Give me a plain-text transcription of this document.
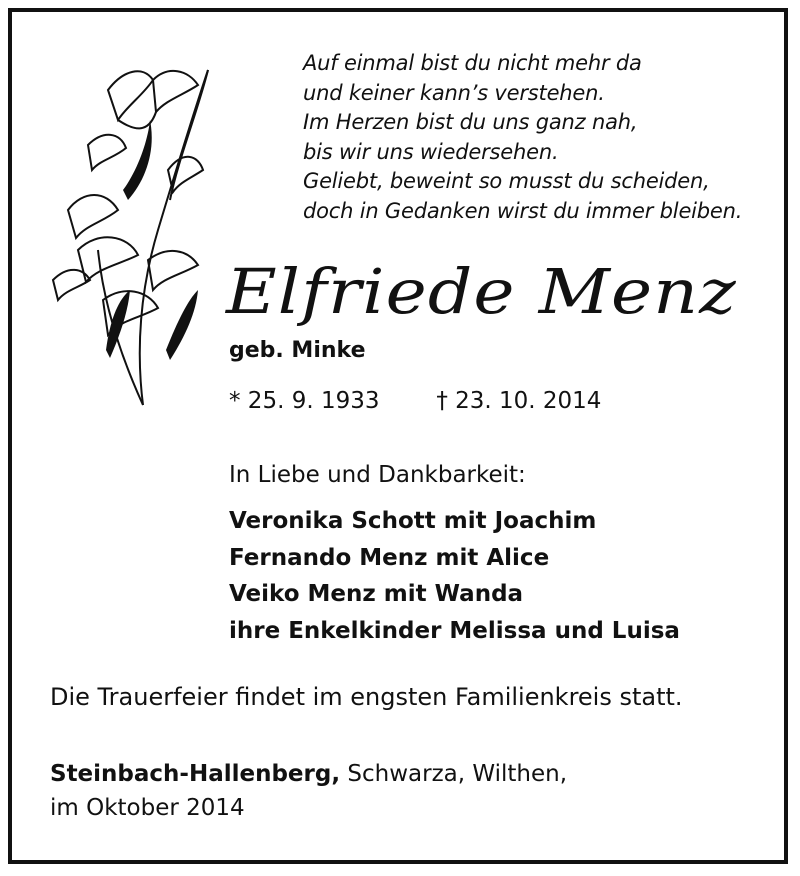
Auf einmal bist du nicht mehr da
und keiner kann’s verstehen.
Im Herzen bist du uns ganz nah,
bis wir uns wiedersehen.
Geliebt, beweint so musst du scheiden,
doch in Gedanken wirst du immer bleiben.
Elfriede Menz
geb. Minke
* 25. 9. 1933 † 23. 10. 2014
In Liebe und Dankbarkeit:
Veronika Schott mit Joachim
Fernando Menz mit Alice
Veiko Menz mit Wanda
ihre Enkelkinder Melissa und Luisa
Die Trauerfeier findet im engsten Familienkreis statt.
Steinbach-Hallenberg, Schwarza, Wilthen,
im Oktober 2014
